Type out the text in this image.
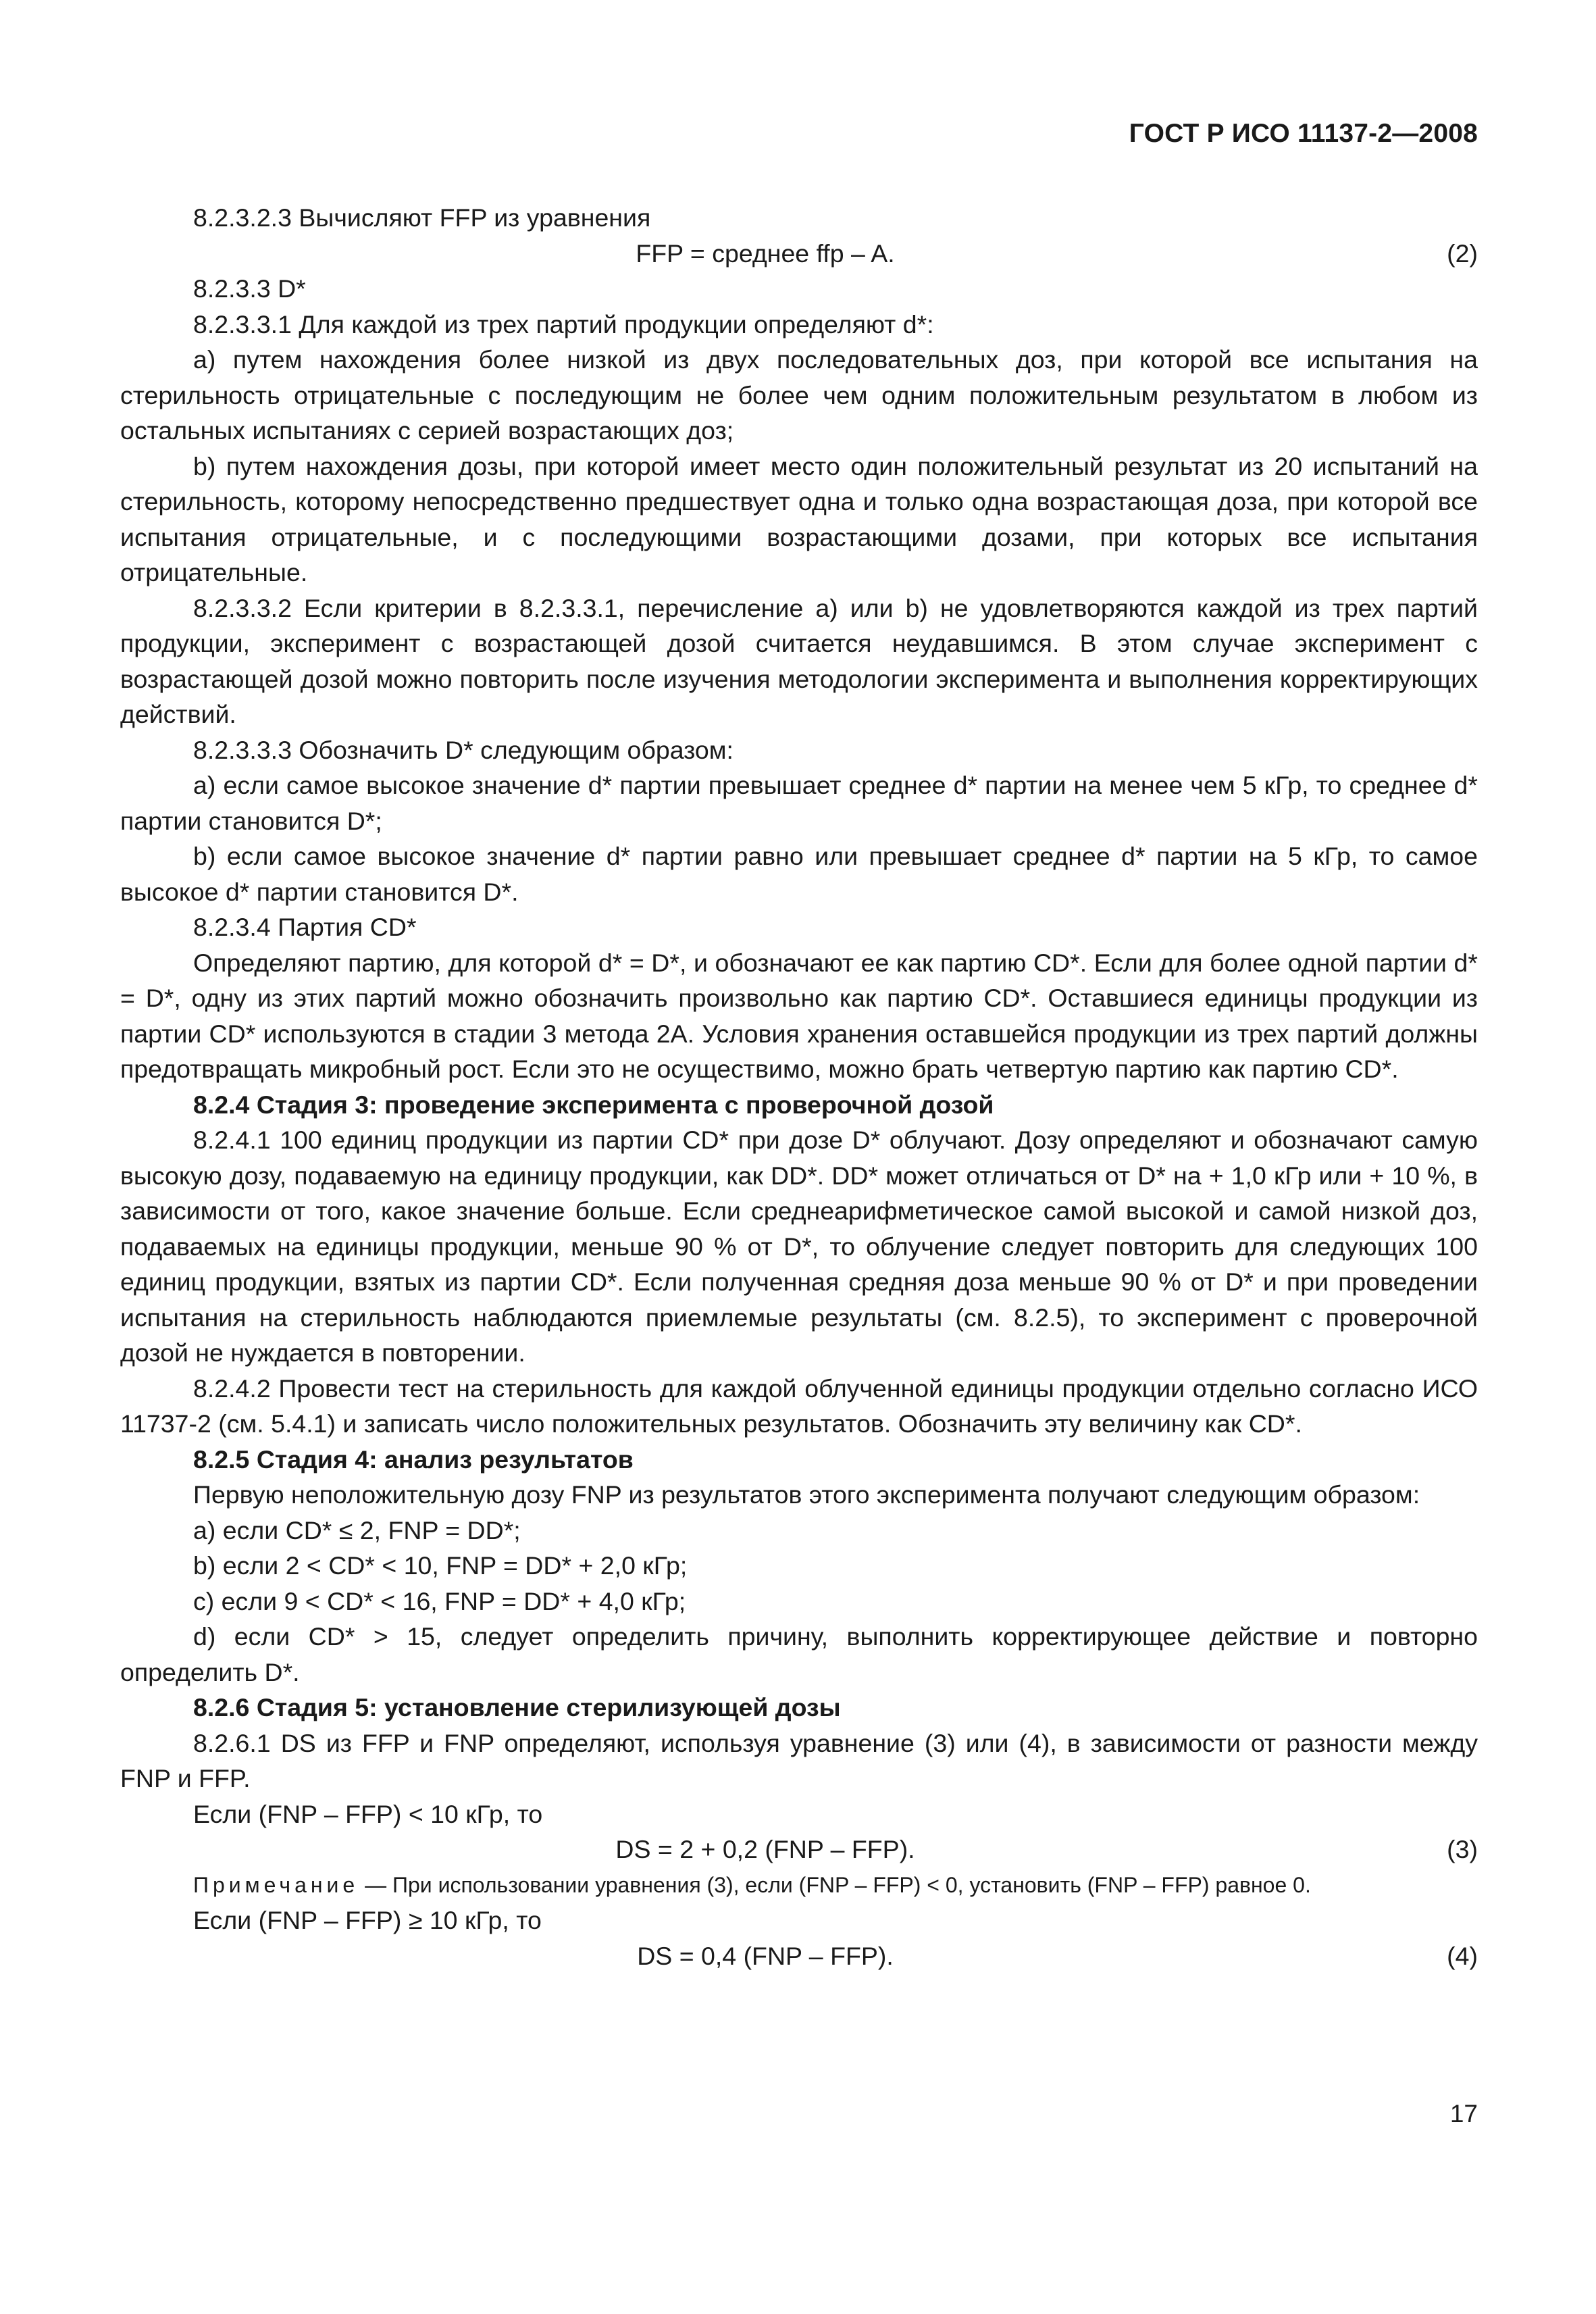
ГОСТ Р ИСО 11137-2—2008

8.2.3.2.3 Вычисляют FFP из уравнения

FFP = среднее ffp – A.	(2)

8.2.3.3 D*

8.2.3.3.1 Для каждой из трех партий продукции определяют d*:

a) путем нахождения более низкой из двух последовательных доз, при которой все испытания на стерильность отрицательные с последующим не более чем одним положительным результатом в любом из остальных испытаниях с серией возрастающих доз;

b) путем нахождения дозы, при которой имеет место один положительный результат из 20 испытаний на стерильность, которому непосредственно предшествует одна и только одна возрастающая доза, при которой все испытания отрицательные, и с последующими возрастающими дозами, при которых все испытания отрицательные.

8.2.3.3.2 Если критерии в 8.2.3.3.1, перечисление а) или b) не удовлетворяются каждой из трех партий продукции, эксперимент с возрастающей дозой считается неудавшимся. В этом случае эксперимент с возрастающей дозой можно повторить после изучения методологии эксперимента и выполнения корректирующих действий.

8.2.3.3.3 Обозначить D* следующим образом:

a) если самое высокое значение d* партии превышает среднее d* партии на менее чем 5 кГр, то среднее d* партии становится D*;

b) если самое высокое значение d* партии равно или превышает среднее d* партии на 5 кГр, то самое высокое d* партии становится D*.

8.2.3.4 Партия CD*

Определяют партию, для которой d* = D*, и обозначают ее как партию CD*. Если для более одной партии d* = D*, одну из этих партий можно обозначить произвольно как партию CD*. Оставшиеся единицы продукции из партии CD* используются в стадии 3 метода 2А. Условия хранения оставшейся продукции из трех партий должны предотвращать микробный рост. Если это не осуществимо, можно брать четвертую партию как партию CD*.

8.2.4 Стадия 3: проведение эксперимента с проверочной дозой

8.2.4.1 100 единиц продукции из партии CD* при дозе D* облучают. Дозу определяют и обозначают самую высокую дозу, подаваемую на единицу продукции, как DD*. DD* может отличаться от D* на + 1,0 кГр или + 10 %, в зависимости от того, какое значение больше. Если среднеарифметическое самой высокой и самой низкой доз, подаваемых на единицы продукции, меньше 90 % от D*, то облучение следует повторить для следующих 100 единиц продукции, взятых из партии CD*. Если полученная средняя доза меньше 90 % от D* и при проведении испытания на стерильность наблюдаются приемлемые результаты (см. 8.2.5), то эксперимент с проверочной дозой не нуждается в повторении.

8.2.4.2 Провести тест на стерильность для каждой облученной единицы продукции отдельно согласно ИСО 11737-2 (см. 5.4.1) и записать число положительных результатов. Обозначить эту величину как CD*.

8.2.5 Стадия 4: анализ результатов

Первую неположительную дозу FNP из результатов этого эксперимента получают следующим образом:

a) если CD* ≤ 2, FNP = DD*;

b) если 2 < CD* < 10, FNP = DD* + 2,0 кГр;

c) если 9 < CD* < 16, FNP = DD* + 4,0 кГр;

d) если CD* > 15, следует определить причину, выполнить корректирующее действие и повторно определить D*.

8.2.6 Стадия 5: установление стерилизующей дозы

8.2.6.1 DS из FFP и FNP определяют, используя уравнение (3) или (4), в зависимости от разности между FNP и FFP.

Если (FNP – FFP) < 10 кГр, то

DS = 2 + 0,2 (FNP – FFP).	(3)

Примечание — При использовании уравнения (3), если (FNP – FFP) < 0, установить (FNP – FFP) равное 0.

Если (FNP – FFP) ≥ 10 кГр, то

DS = 0,4 (FNP – FFP).	(4)
17
